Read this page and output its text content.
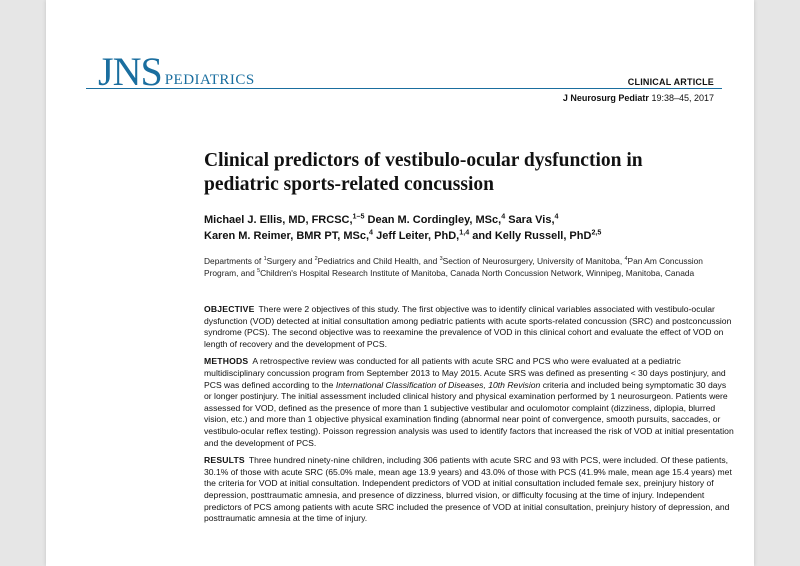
JNS PEDIATRICS	CLINICAL ARTICLE
J Neurosurg Pediatr 19:38–45, 2017
Clinical predictors of vestibulo-ocular dysfunction in pediatric sports-related concussion
Michael J. Ellis, MD, FRCSC,$^{1-5}$ Dean M. Cordingley, MSc,$^4$ Sara Vis,$^4$
Karen M. Reimer, BMR PT, MSc,$^4$ Jeff Leiter, PhD,$^{1,4}$ and Kelly Russell, PhD$^{2,5}$
Departments of $^1$Surgery and $^2$Pediatrics and Child Health, and $^3$Section of Neurosurgery, University of Manitoba, $^4$Pan Am Concussion Program, and $^5$Children's Hospital Research Institute of Manitoba, Canada North Concussion Network, Winnipeg, Manitoba, Canada

OBJECTIVE There were 2 objectives of this study. The first objective was to identify clinical variables associated with vestibulo-ocular dysfunction (VOD) detected at initial consultation among pediatric patients with acute sports-related concussion (SRC) and postconcussion syndrome (PCS). The second objective was to reexamine the prevalence of VOD in this clinical cohort and evaluate the effect of VOD on length of recovery and the development of PCS.

METHODS A retrospective review was conducted for all patients with acute SRC and PCS who were evaluated at a pediatric multidisciplinary concussion program from September 2013 to May 2015. Acute SRS was defined as presenting < 30 days postinjury, and PCS was defined according to the International Classification of Diseases, 10th Revision criteria and included being symptomatic 30 days or longer postinjury. The initial assessment included clinical history and physical examination performed by 1 neurosurgeon. Patients were assessed for VOD, defined as the presence of more than 1 subjective vestibular and oculomotor complaint (dizziness, diplopia, blurred vision, etc.) and more than 1 objective physical examination finding (abnormal near point of convergence, smooth pursuits, saccades, or vestibulo-ocular reflex testing). Poisson regression analysis was used to identify factors that increased the risk of VOD at initial presentation and the development of PCS.

RESULTS Three hundred ninety-nine children, including 306 patients with acute SRC and 93 with PCS, were included. Of these patients, 30.1% of those with acute SRC (65.0% male, mean age 13.9 years) and 43.0% of those with PCS (41.9% male, mean age 15.4 years) met the criteria for VOD at initial consultation. Independent predictors of VOD at initial consultation included female sex, preinjury history of depression, posttraumatic amnesia, and presence of dizziness, blurred vision, or difficulty focusing at the time of injury. Independent predictors of PCS among patients with acute SRC included the presence of VOD at initial consultation, preinjury history of depression, and posttraumatic amnesia at the time of injury.
